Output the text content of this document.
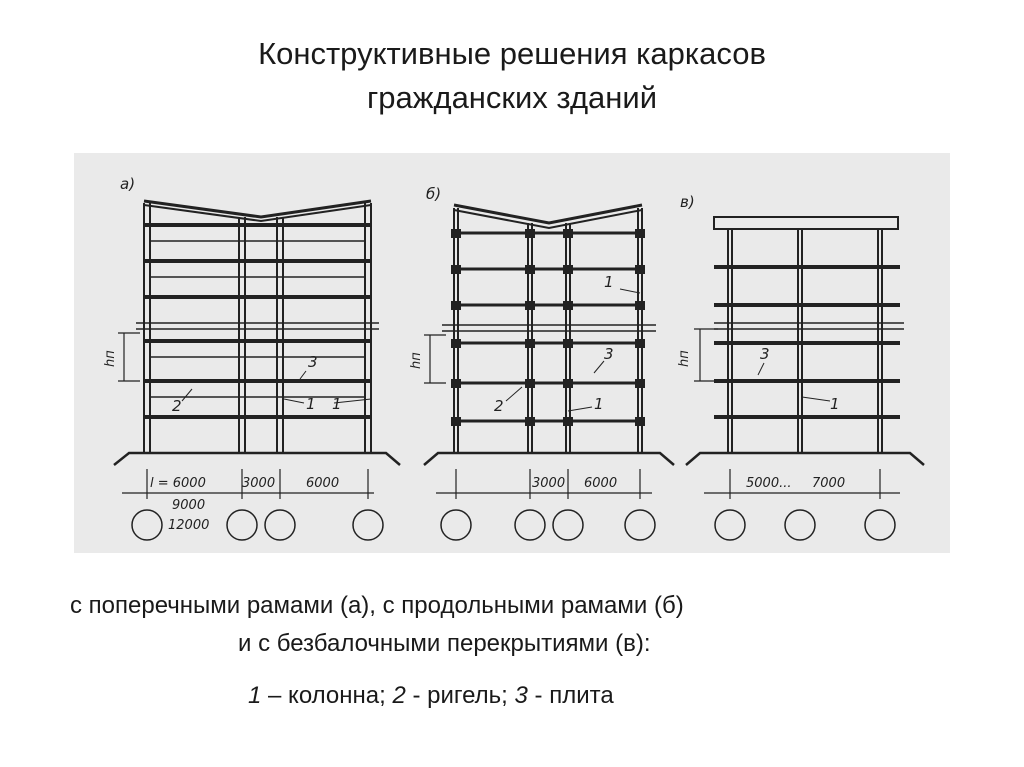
Конструктивные решения каркасов
гражданских зданий
а)
hп	3
2	1 1
l = 6000	3000 6000
9000
12000
б)
hп
1
3
2	1
3000 6000
в)
hп	3
1
5000... 7000
с поперечными рамами (а), с продольными рамами (б)
и с безбалочными перекрытиями (в):
1 – колонна; 2 - ригель; 3 - плита
